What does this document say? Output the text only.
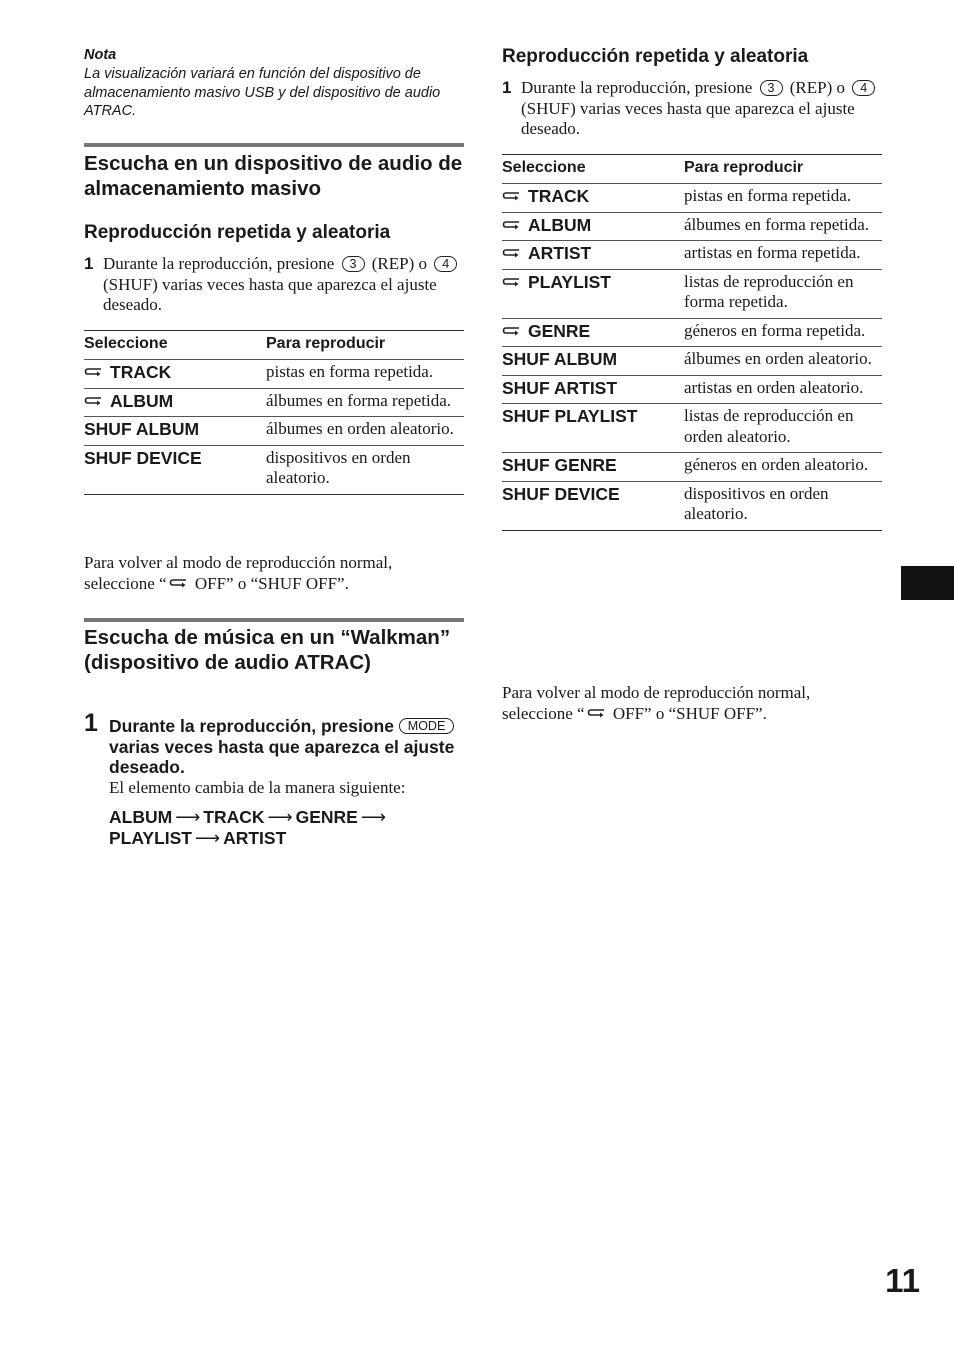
Nota
La visualización variará en función del dispositivo de almacenamiento masivo USB y del dispositivo de audio ATRAC.
Escucha en un dispositivo de audio de almacenamiento masivo
Reproducción repetida y aleatoria
1 Durante la reproducción, presione 3 (REP) o 4 (SHUF) varias veces hasta que aparezca el ajuste deseado.
Seleccione	Para reproducir
TRACK	pistas en forma repetida.
ALBUM	álbumes en forma repetida.
SHUF ALBUM	álbumes en orden aleatorio.
SHUF DEVICE	dispositivos en orden aleatorio.
Para volver al modo de reproducción normal, seleccione “ OFF” o “SHUF OFF”.
Escucha de música en un “Walkman” (dispositivo de audio ATRAC)
1 Durante la reproducción, presione MODE varias veces hasta que aparezca el ajuste deseado.
El elemento cambia de la manera siguiente:
ALBUM ⟶ TRACK ⟶ GENRE ⟶
PLAYLIST ⟶ ARTIST
Reproducción repetida y aleatoria
1 Durante la reproducción, presione 3 (REP) o 4 (SHUF) varias veces hasta que aparezca el ajuste deseado.
Seleccione	Para reproducir
TRACK	pistas en forma repetida.
ALBUM	álbumes en forma repetida.
ARTIST	artistas en forma repetida.
PLAYLIST	listas de reproducción en forma repetida.
GENRE	géneros en forma repetida.
SHUF ALBUM	álbumes en orden aleatorio.
SHUF ARTIST	artistas en orden aleatorio.
SHUF PLAYLIST	listas de reproducción en orden aleatorio.
SHUF GENRE	géneros en orden aleatorio.
SHUF DEVICE	dispositivos en orden aleatorio.
Para volver al modo de reproducción normal, seleccione “ OFF” o “SHUF OFF”.
11
